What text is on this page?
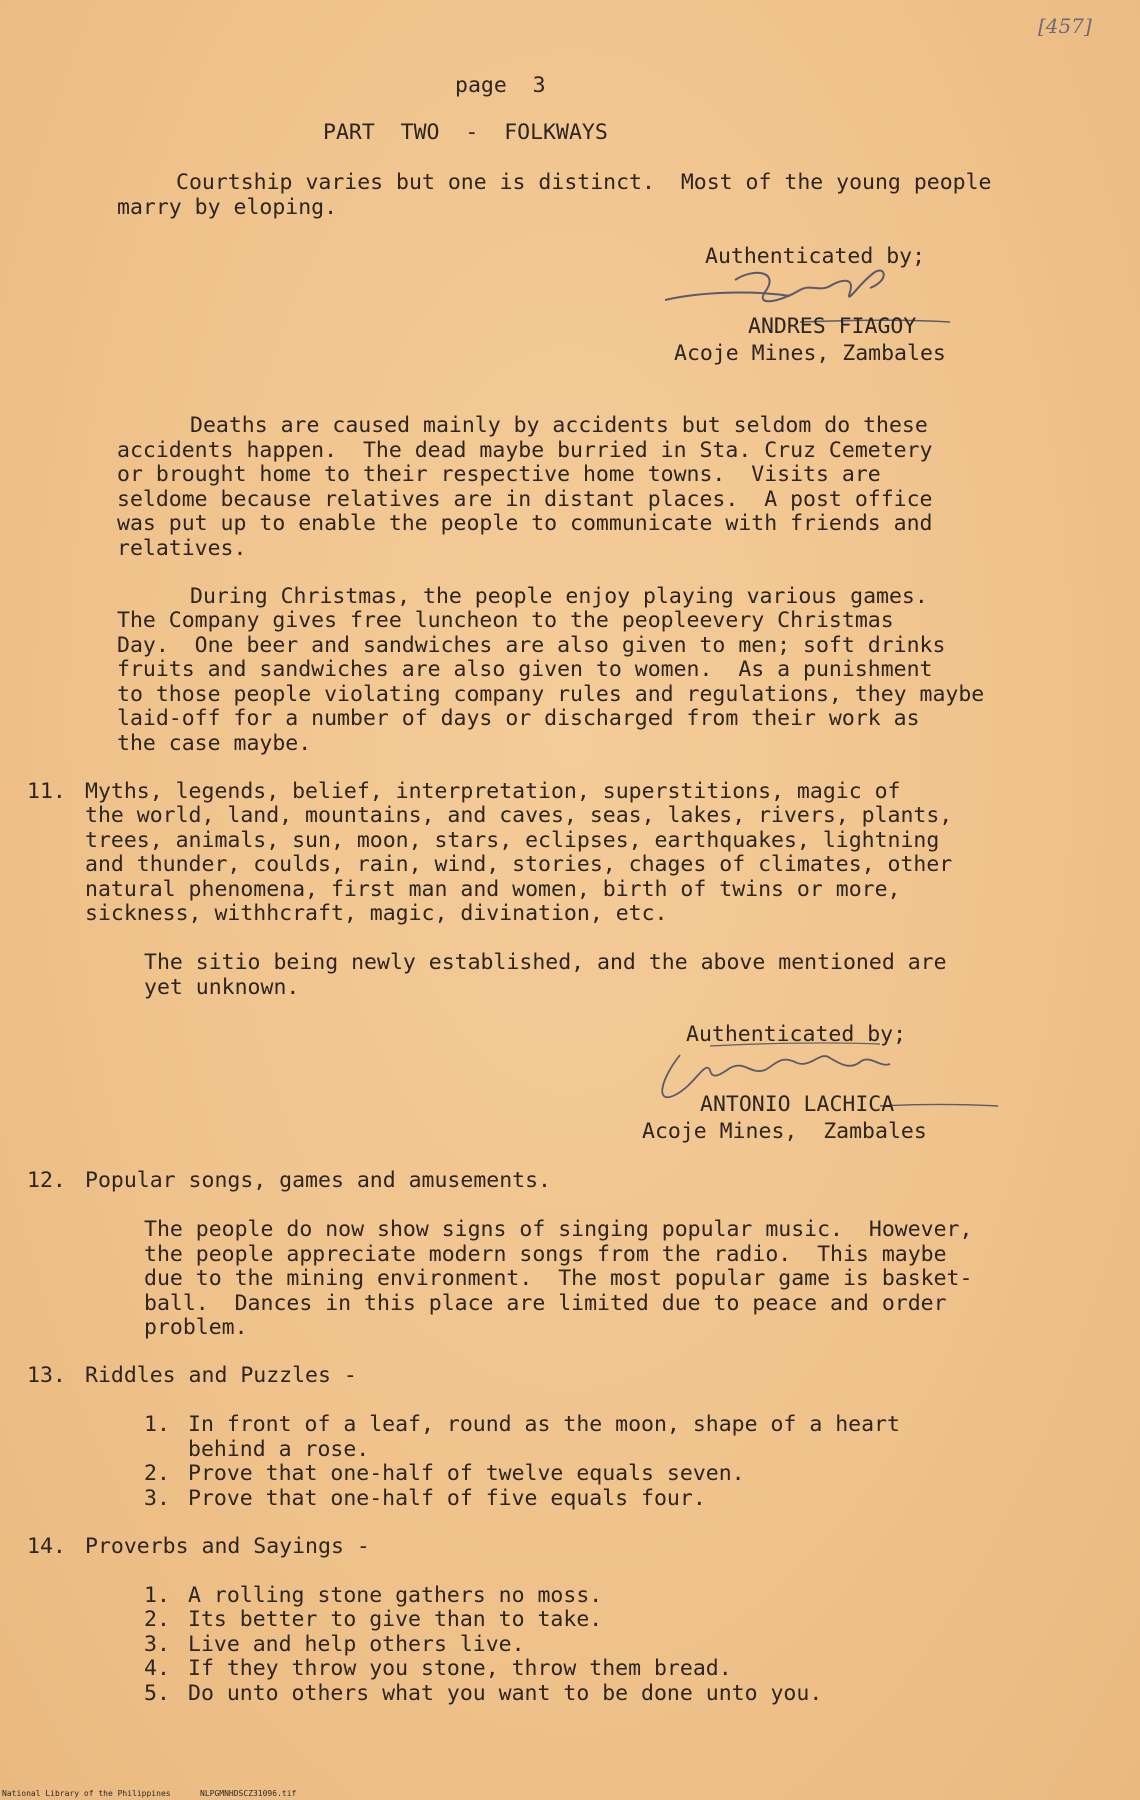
[457]
page  3
PART  TWO  -  FOLKWAYS
Courtship varies but one is distinct.  Most of the young people
marry by eloping.
Authenticated by;
ANDRES FIAGOY
Acoje Mines, Zambales
Deaths are caused mainly by accidents but seldom do these
accidents happen.  The dead maybe burried in Sta. Cruz Cemetery
or brought home to their respective home towns.  Visits are
seldome because relatives are in distant places.  A post office
was put up to enable the people to communicate with friends and
relatives.
During Christmas, the people enjoy playing various games.
The Company gives free luncheon to the peopleevery Christmas
Day.  One beer and sandwiches are also given to men; soft drinks
fruits and sandwiches are also given to women.  As a punishment
to those people violating company rules and regulations, they maybe
laid-off for a number of days or discharged from their work as
the case maybe.
11. Myths, legends, belief, interpretation, superstitions, magic of
the world, land, mountains, and caves, seas, lakes, rivers, plants,
trees, animals, sun, moon, stars, eclipses, earthquakes, lightning
and thunder, coulds, rain, wind, stories, chages of climates, other
natural phenomena, first man and women, birth of twins or more,
sickness, withhcraft, magic, divination, etc.
The sitio being newly established, and the above mentioned are
yet unknown.
Authenticated by;
ANTONIO LACHICA
Acoje Mines,  Zambales
12. Popular songs, games and amusements.
The people do now show signs of singing popular music.  However,
the people appreciate modern songs from the radio.  This maybe
due to the mining environment.  The most popular game is basket-
ball.  Dances in this place are limited due to peace and order
problem.
13. Riddles and Puzzles -
1. In front of a leaf, round as the moon, shape of a heart
behind a rose.
2. Prove that one-half of twelve equals seven.
3. Prove that one-half of five equals four.
14. Proverbs and Sayings -
1. A rolling stone gathers no moss.
2. Its better to give than to take.
3. Live and help others live.
4. If they throw you stone, throw them bread.
5. Do unto others what you want to be done unto you.
National Library of the Philippines	NLPGMNHDSCZ31096.tif
